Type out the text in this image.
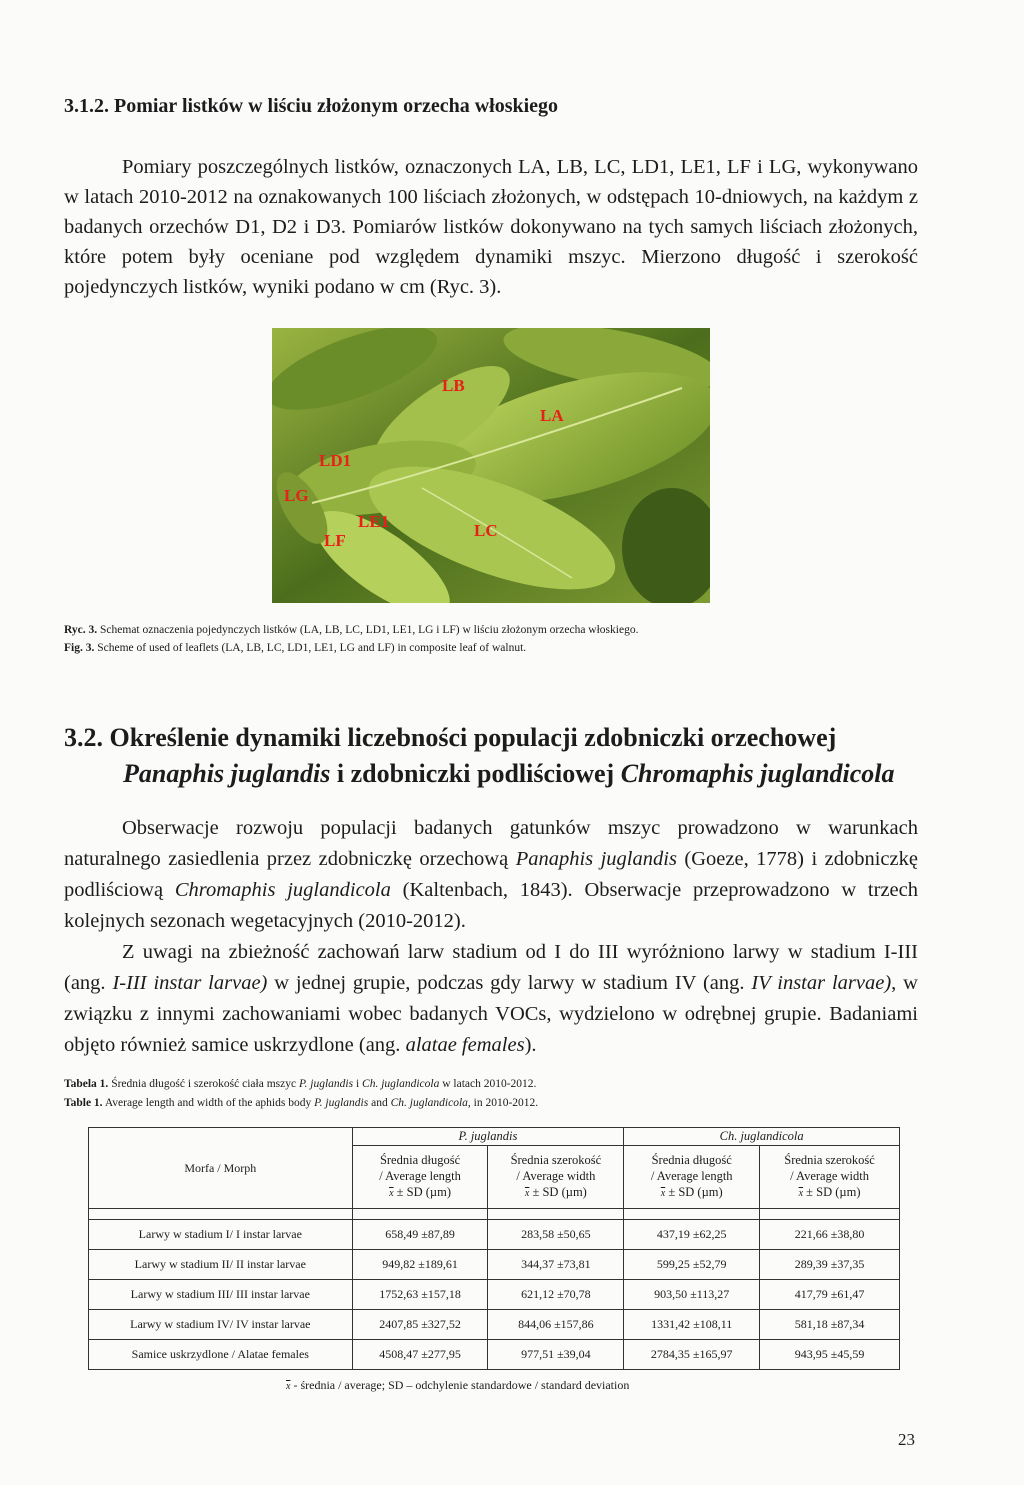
3.1.2. Pomiar listków w liściu złożonym orzecha włoskiego

Pomiary poszczególnych listków, oznaczonych LA, LB, LC, LD1, LE1, LF i LG, wykonywano w latach 2010-2012 na oznakowanych 100 liściach złożonych, w odstępach 10-dniowych, na każdym z badanych orzechów D1, D2 i D3. Pomiarów listków dokonywano na tych samych liściach złożonych, które potem były oceniane pod względem dynamiki mszyc. Mierzono długość i szerokość pojedynczych listków, wyniki podano w cm (Ryc. 3).

LB
LA
LD1
LG
LE1	LC
LF

Ryc. 3. Schemat oznaczenia pojedynczych listków (LA, LB, LC, LD1, LE1, LG i LF) w liściu złożonym orzecha włoskiego.

Fig. 3. Scheme of used of leaflets (LA, LB, LC, LD1, LE1, LG and LF) in composite leaf of walnut.

3.2. Określenie dynamiki liczebności populacji zdobniczki orzechowej
Panaphis juglandis i zdobniczki podliściowej Chromaphis juglandicola

Obserwacje rozwoju populacji badanych gatunków mszyc prowadzono w warunkach naturalnego zasiedlenia przez zdobniczkę orzechową Panaphis juglandis (Goeze, 1778) i zdobniczkę podliściową Chromaphis juglandicola (Kaltenbach, 1843). Obserwacje przeprowadzono w trzech kolejnych sezonach wegetacyjnych (2010-2012).

Z uwagi na zbieżność zachowań larw stadium od I do III wyróżniono larwy w stadium I-III (ang. I-III instar larvae) w jednej grupie, podczas gdy larwy w stadium IV (ang. IV instar larvae), w związku z innymi zachowaniami wobec badanych VOCs, wydzielono w odrębnej grupie. Badaniami objęto również samice uskrzydlone (ang. alatae females).

Tabela 1. Średnia długość i szerokość ciała mszyc P. juglandis i Ch. juglandicola w latach 2010-2012.

Table 1. Average length and width of the aphids body P. juglandis and Ch. juglandicola, in 2010-2012.

Morfa / Morph	P. juglandis		Ch. juglandicola	
	Średnia długość
/ Average length
$\overline{x}$ ± SD (µm)	Średnia szerokość
/ Average width
$\overline{x}$ ± SD (µm)	Średnia długość
/ Average length
$\overline{x}$ ± SD (µm)	Średnia szerokość
/ Average width
$\overline{x}$ ± SD (µm)

Larwy w stadium I/ I instar larvae	658,49 ±87,89	283,58 ±50,65	437,19 ±62,25	221,66 ±38,80
Larwy w stadium II/ II instar larvae	949,82 ±189,61	344,37 ±73,81	599,25 ±52,79	289,39 ±37,35
Larwy w stadium III/ III instar larvae	1752,63 ±157,18	621,12 ±70,78	903,50 ±113,27	417,79 ±61,47
Larwy w stadium IV/ IV instar larvae	2407,85 ±327,52	844,06 ±157,86	1331,42 ±108,11	581,18 ±87,34
Samice uskrzydlone / Alatae females	4508,47 ±277,95	977,51 ±39,04	2784,35 ±165,97	943,95 ±45,59

$\overline{x}$ - średnia / average; SD – odchylenie standardowe / standard deviation

23
